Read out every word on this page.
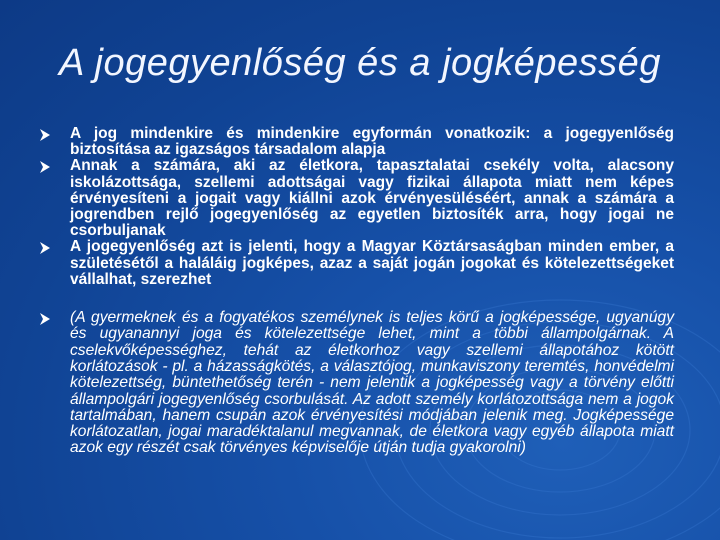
A jogegyenlőség és a jogképesség
A jog mindenkire és mindenkire egyformán vonatkozik: a jogegyenlőség biztosítása az igazságos társadalom alapja
Annak a számára, aki az életkora, tapasztalatai csekély volta, alacsony iskolázottsága, szellemi adottságai vagy fizikai állapota miatt nem képes érvényesíteni a jogait vagy kiállni azok érvényesüléséért, annak a számára a jogrendben rejlő jogegyenlőség az egyetlen biztosíték arra, hogy jogai ne csorbuljanak
A jogegyenlőség azt is jelenti, hogy a Magyar Köztársaságban minden ember, a születésétől a haláláig jogképes, azaz a saját jogán jogokat és kötelezettségeket vállalhat, szerezhet
(A gyermeknek és a fogyatékos személynek is teljes körű a jogképessége, ugyanúgy és ugyanannyi joga és kötelezettsége lehet, mint a többi állampolgárnak. A cselekvőképességhez, tehát az életkorhoz vagy szellemi állapotához kötött korlátozások - pl. a házasságkötés, a választójog, munkaviszony teremtés, honvédelmi kötelezettség, büntethetőség terén - nem jelentik a jogképesség vagy a törvény előtti állampolgári jogegyenlőség csorbulását. Az adott személy korlátozottsága nem a jogok tartalmában, hanem csupán azok érvényesítési módjában jelenik meg. Jogképessége korlátozatlan, jogai maradéktalanul megvannak, de életkora vagy egyéb állapota miatt azok egy részét csak törvényes képviselője útján tudja gyakorolni)
